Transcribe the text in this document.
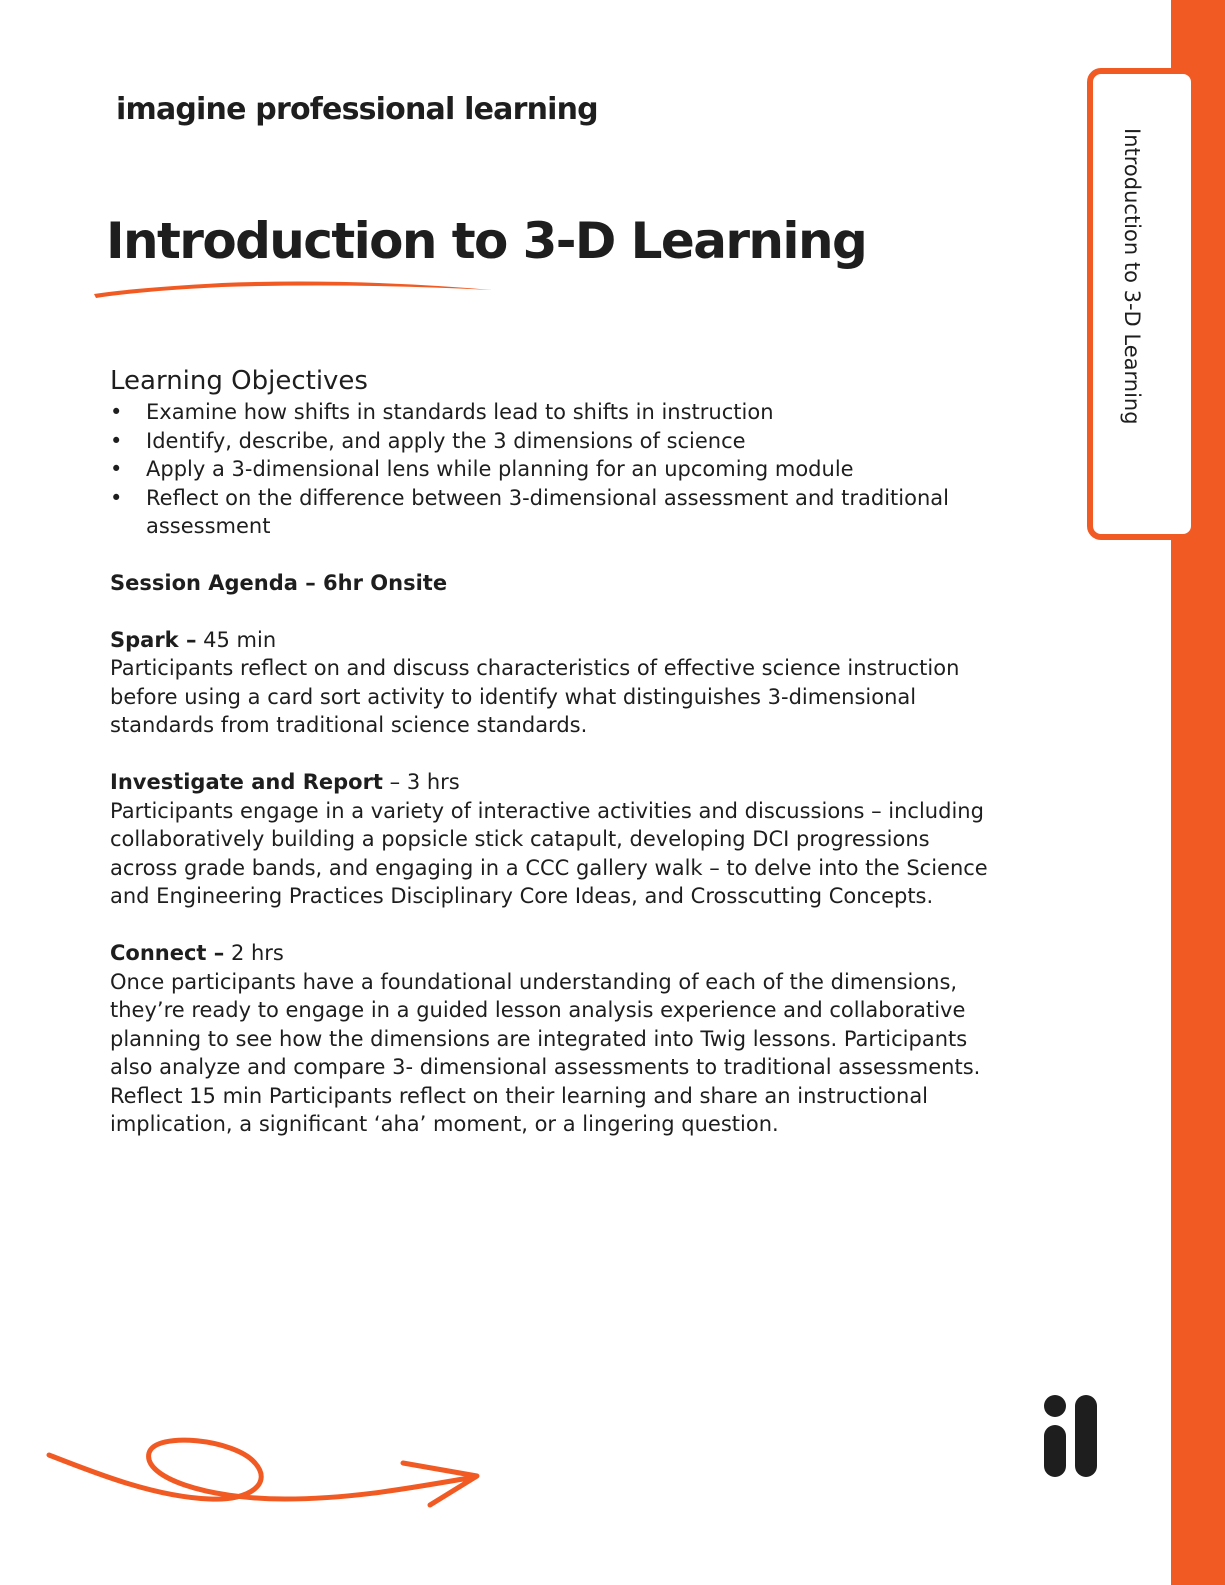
Introduction to 3-D Learning
imagine professional learning
Introduction to 3-D Learning
Learning Objectives
• Examine how shifts in standards lead to shifts in instruction
• Identify, describe, and apply the 3 dimensions of science
• Apply a 3-dimensional lens while planning for an upcoming module
• Reflect on the difference between 3-dimensional assessment and traditional assessment
Session Agenda – 6hr Onsite
Spark – 45 min
Participants reflect on and discuss characteristics of effective science instruction before using a card sort activity to identify what distinguishes 3-dimensional standards from traditional science standards.
Investigate and Report – 3 hrs
Participants engage in a variety of interactive activities and discussions – including collaboratively building a popsicle stick catapult, developing DCI progressions across grade bands, and engaging in a CCC gallery walk – to delve into the Science and Engineering Practices Disciplinary Core Ideas, and Crosscutting Concepts.
Connect – 2 hrs
Once participants have a foundational understanding of each of the dimensions, they’re ready to engage in a guided lesson analysis experience and collaborative planning to see how the dimensions are integrated into Twig lessons. Participants also analyze and compare 3- dimensional assessments to traditional assessments. Reflect 15 min Participants reflect on their learning and share an instructional implication, a significant ‘aha’ moment, or a lingering question.
